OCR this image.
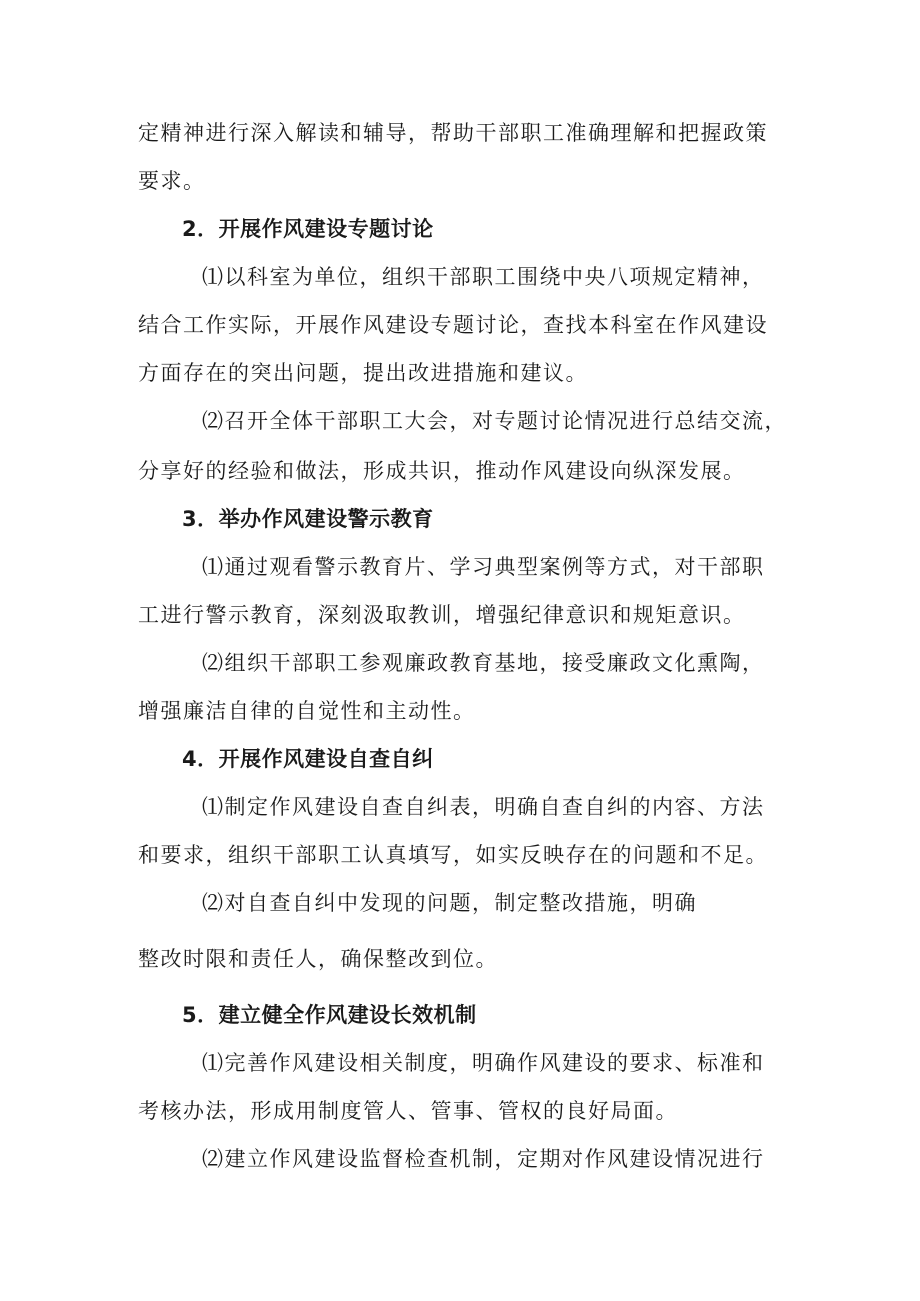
定精神进行深入解读和辅导，帮助干部职工准确理解和把握政策
要求。
2．开展作风建设专题讨论
⑴以科室为单位，组织干部职工围绕中央八项规定精神，
结合工作实际，开展作风建设专题讨论，查找本科室在作风建设
方面存在的突出问题，提出改进措施和建议。
⑵召开全体干部职工大会，对专题讨论情况进行总结交流，
分享好的经验和做法，形成共识，推动作风建设向纵深发展。
3．举办作风建设警示教育
⑴通过观看警示教育片、学习典型案例等方式，对干部职
工进行警示教育，深刻汲取教训，增强纪律意识和规矩意识。
⑵组织干部职工参观廉政教育基地，接受廉政文化熏陶，
增强廉洁自律的自觉性和主动性。
4．开展作风建设自查自纠
⑴制定作风建设自查自纠表，明确自查自纠的内容、方法
和要求，组织干部职工认真填写，如实反映存在的问题和不足。
⑵对自查自纠中发现的问题，制定整改措施，明确
整改时限和责任人，确保整改到位。
5．建立健全作风建设长效机制
⑴完善作风建设相关制度，明确作风建设的要求、标准和
考核办法，形成用制度管人、管事、管权的良好局面。
⑵建立作风建设监督检查机制，定期对作风建设情况进行
